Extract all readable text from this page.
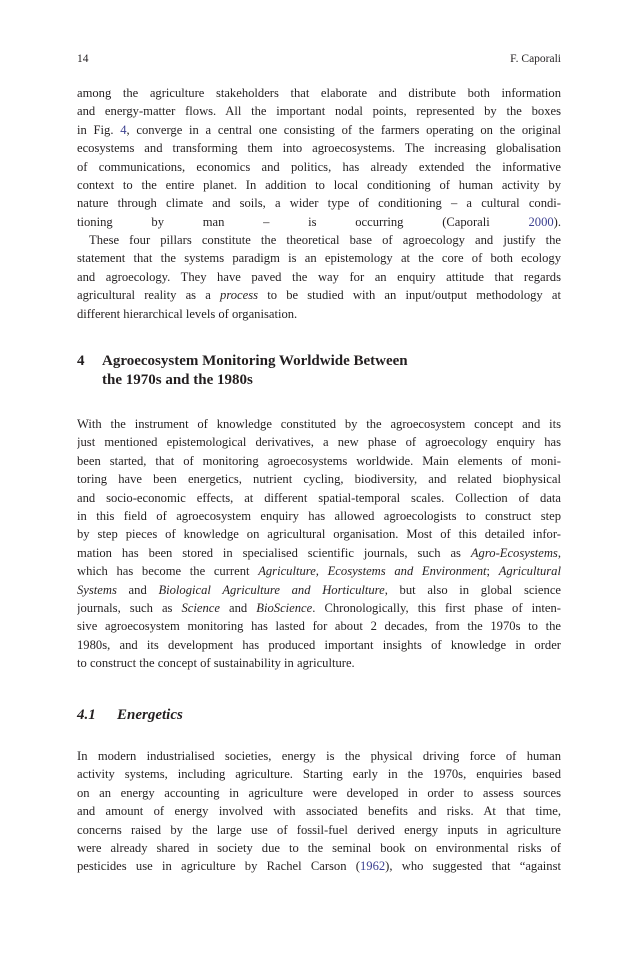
14	F. Caporali
among the agriculture stakeholders that elaborate and distribute both information
and energy-matter flows. All the important nodal points, represented by the boxes
in Fig. 4, converge in a central one consisting of the farmers operating on the original
ecosystems and transforming them into agroecosystems. The increasing globalisation
of communications, economics and politics, has already extended the informative
context to the entire planet. In addition to local conditioning of human activity by
nature through climate and soils, a wider type of conditioning – a cultural condi-
tioning by man – is occurring (Caporali 2000).
These four pillars constitute the theoretical base of agroecology and justify the
statement that the systems paradigm is an epistemology at the core of both ecology
and agroecology. They have paved the way for an enquiry attitude that regards
agricultural reality as a process to be studied with an input/output methodology at
different hierarchical levels of organisation.
4	Agroecosystem Monitoring Worldwide Between
the 1970s and the 1980s
With the instrument of knowledge constituted by the agroecosystem concept and its
just mentioned epistemological derivatives, a new phase of agroecology enquiry has
been started, that of monitoring agroecosystems worldwide. Main elements of moni-
toring have been energetics, nutrient cycling, biodiversity, and related biophysical
and socio-economic effects, at different spatial-temporal scales. Collection of data
in this field of agroecosystem enquiry has allowed agroecologists to construct step
by step pieces of knowledge on agricultural organisation. Most of this detailed infor-
mation has been stored in specialised scientific journals, such as Agro-Ecosystems,
which has become the current Agriculture, Ecosystems and Environment; Agricultural
Systems and Biological Agriculture and Horticulture, but also in global science
journals, such as Science and BioScience. Chronologically, this first phase of inten-
sive agroecosystem monitoring has lasted for about 2 decades, from the 1970s to the
1980s, and its development has produced important insights of knowledge in order
to construct the concept of sustainability in agriculture.
4.1 Energetics
In modern industrialised societies, energy is the physical driving force of human
activity systems, including agriculture. Starting early in the 1970s, enquiries based
on an energy accounting in agriculture were developed in order to assess sources
and amount of energy involved with associated benefits and risks. At that time,
concerns raised by the large use of fossil-fuel derived energy inputs in agriculture
were already shared in society due to the seminal book on environmental risks of
pesticides use in agriculture by Rachel Carson (1962), who suggested that “against
